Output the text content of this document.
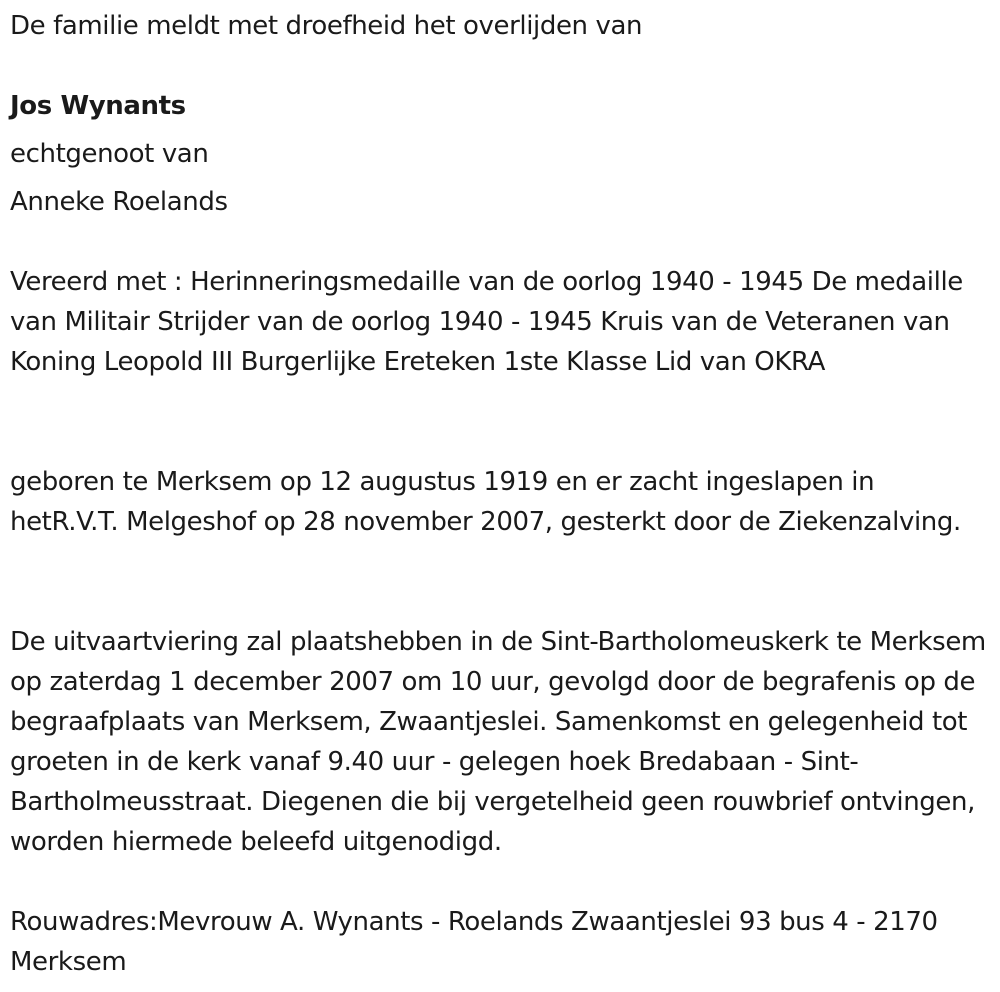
De familie meldt met droefheid het overlijden van

Jos Wynants

echtgenoot van

Anneke Roelands

Vereerd met : Herinneringsmedaille van de oorlog 1940 - 1945 De medaille van Militair Strijder van de oorlog 1940 - 1945 Kruis van de Veteranen van Koning Leopold III Burgerlijke Ereteken 1ste Klasse Lid van OKRA

geboren te Merksem op 12 augustus 1919 en er zacht ingeslapen in hetR.V.T. Melgeshof op 28 november 2007, gesterkt door de Ziekenzalving.

De uitvaartviering zal plaatshebben in de Sint-Bartholomeuskerk te Merksem op zaterdag 1 december 2007 om 10 uur, gevolgd door de begrafenis op de begraafplaats van Merksem, Zwaantjeslei. Samenkomst en gelegenheid tot groeten in de kerk vanaf 9.40 uur - gelegen hoek Bredabaan - Sint-Bartholmeusstraat. Diegenen die bij vergetelheid geen rouwbrief ontvingen, worden hiermede beleefd uitgenodigd.

Rouwadres:Mevrouw A. Wynants - Roelands Zwaantjeslei 93 bus 4 - 2170 Merksem
